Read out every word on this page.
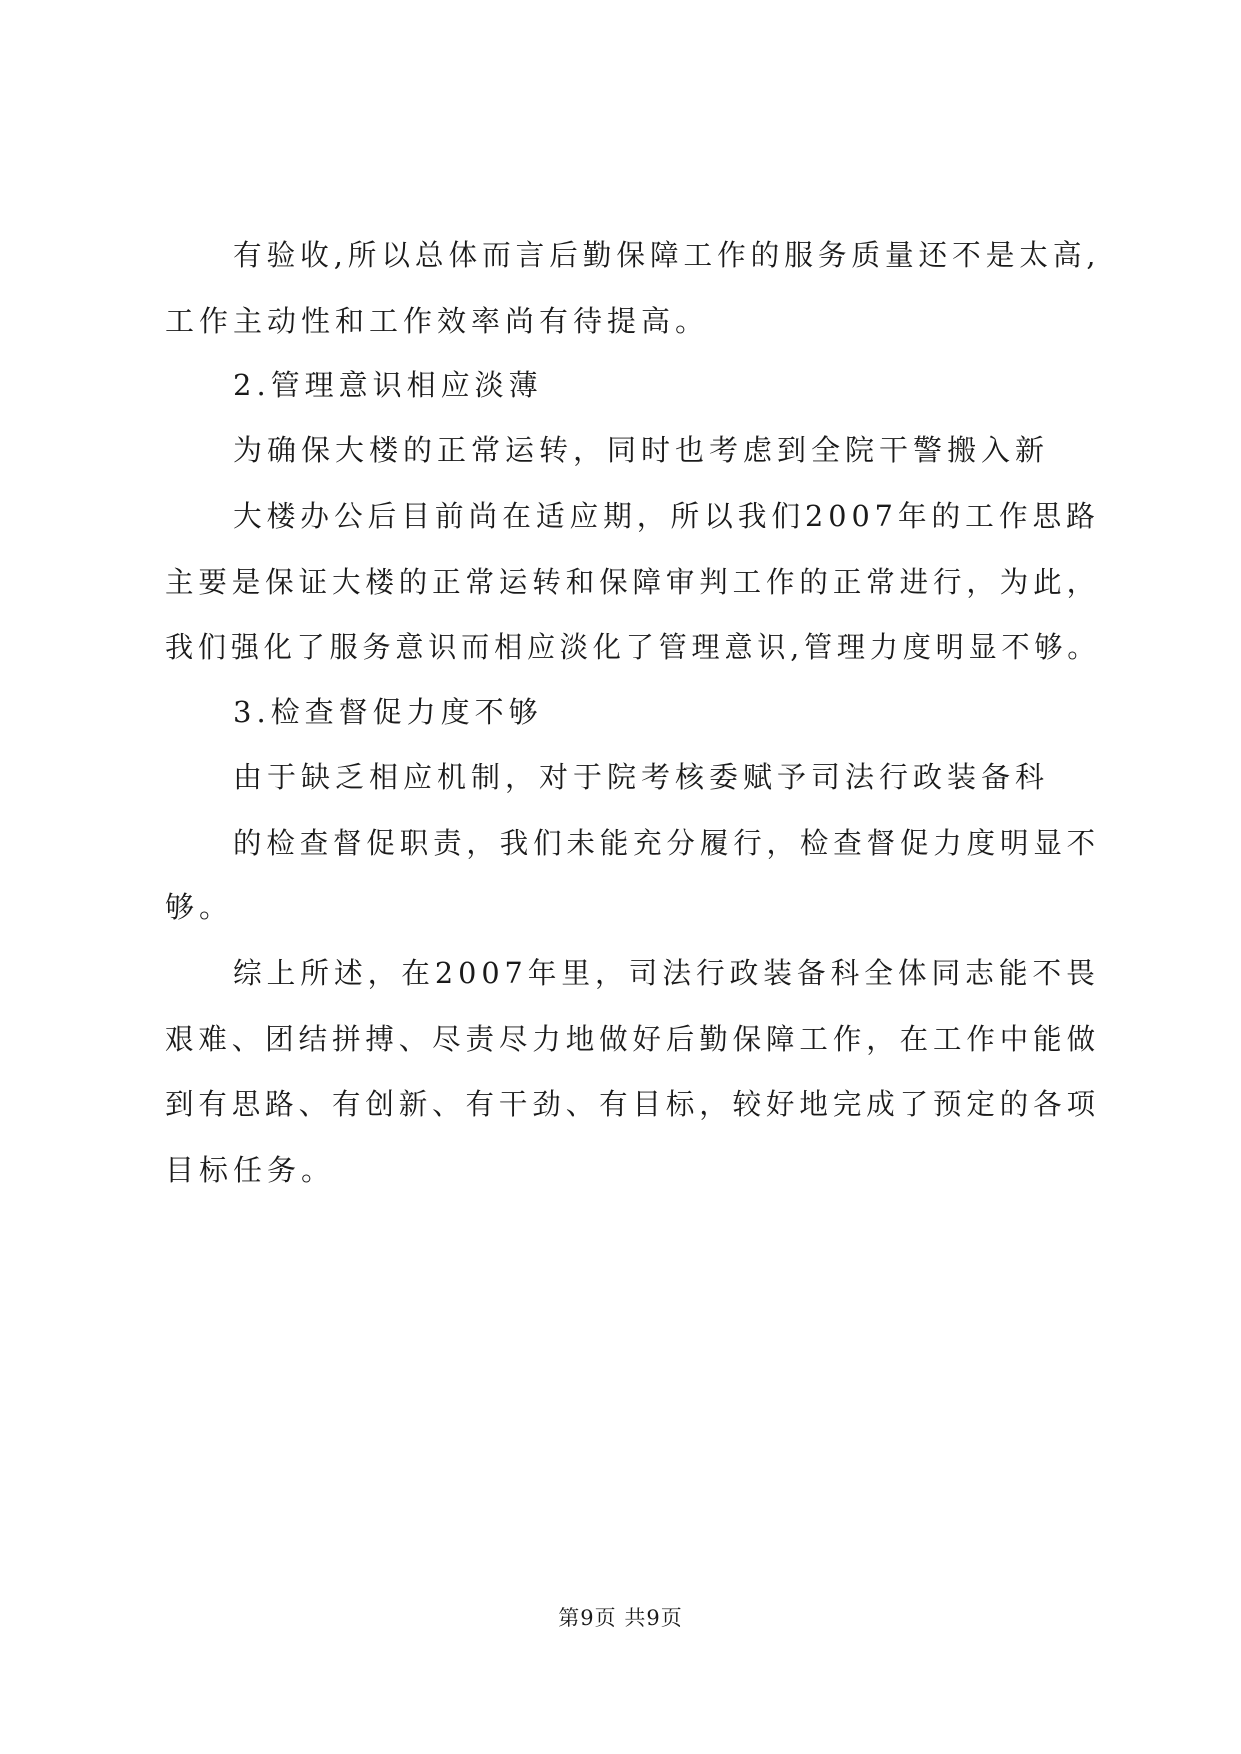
有验收,所以总体而言后勤保障工作的服务质量还不是太高,
工作主动性和工作效率尚有待提高。
2.管理意识相应淡薄
为确保大楼的正常运转，同时也考虑到全院干警搬入新
大楼办公后目前尚在适应期，所以我们2007年的工作思路
主要是保证大楼的正常运转和保障审判工作的正常进行，为此，
我们强化了服务意识而相应淡化了管理意识,管理力度明显不够。
3.检查督促力度不够
由于缺乏相应机制，对于院考核委赋予司法行政装备科
的检查督促职责，我们未能充分履行，检查督促力度明显不
够。
综上所述，在2007年里，司法行政装备科全体同志能不畏
艰难、团结拼搏、尽责尽力地做好后勤保障工作，在工作中能做
到有思路、有创新、有干劲、有目标，较好地完成了预定的各项
目标任务。
第9页 共9页
